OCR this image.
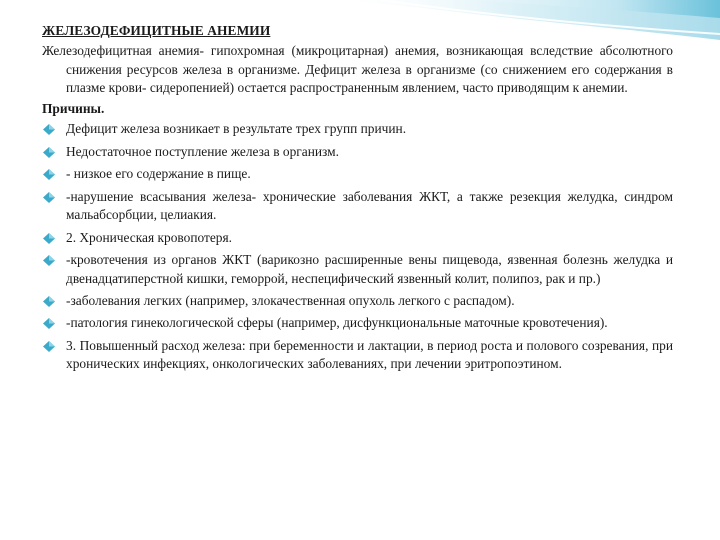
ЖЕЛЕЗОДЕФИЦИТНЫЕ АНЕМИИ
Железодефицитная анемия- гипохромная (микроцитарная) анемия, возникающая вследствие абсолютного снижения ресурсов железа в организме. Дефицит железа в организме (со снижением его содержания в плазме крови- сидеропенией) остается распространенным явлением, часто приводящим к анемии.
Причины.
Дефицит железа возникает в результате трех групп причин.
Недостаточное поступление железа в организм.
- низкое его содержание в пище.
-нарушение всасывания железа- хронические заболевания ЖКТ, а также резекция желудка, синдром мальабсорбции, целиакия.
2. Хроническая кровопотеря.
-кровотечения из органов ЖКТ (варикозно расширенные вены пищевода, язвенная болезнь желудка и двенадцатиперстной кишки, геморрой, неспецифический язвенный колит, полипоз, рак и пр.)
-заболевания легких (например, злокачественная опухоль легкого с распадом).
-патология гинекологической сферы (например, дисфункциональные маточные кровотечения).
3. Повышенный расход железа: при беременности и лактации, в период роста и полового созревания, при хронических инфекциях, онкологических заболеваниях, при лечении эритропоэтином.
